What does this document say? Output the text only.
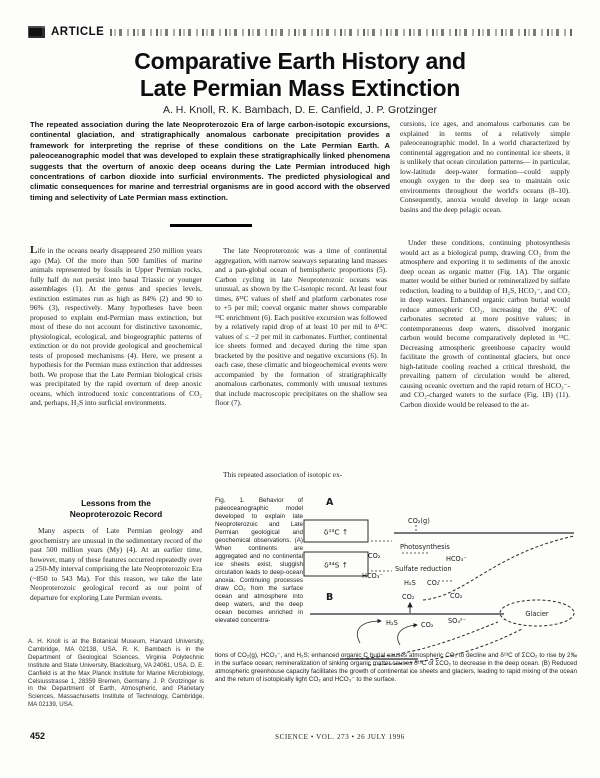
ARTICLE
Comparative Earth History and
Late Permian Mass Extinction
A. H. Knoll, R. K. Bambach, D. E. Canfield, J. P. Grotzinger
The repeated association during the late Neoproterozoic Era of large carbon-isotopic excursions, continental glaciation, and stratigraphically anomalous carbonate precipitation provides a framework for interpreting the reprise of these conditions on the Late Permian Earth. A paleoceanographic model that was developed to explain these stratigraphically linked phenomena suggests that the overturn of anoxic deep oceans during the Late Permian introduced high concentrations of carbon dioxide into surficial environments. The predicted physiological and climatic consequences for marine and terrestrial organisms are in good accord with the observed timing and selectivity of Late Permian mass extinction.
Life in the oceans nearly disappeared 250 million years ago (Ma). Of the more than 500 families of marine animals represented by fossils in Upper Permian rocks, fully half do not persist into basal Triassic or younger assemblages (1). At the genus and species levels, extinction estimates run as high as 84% (2) and 90 to 96% (3), respectively. Many hypotheses have been proposed to explain end-Permian mass extinction, but most of these do not account for distinctive taxonomic, physiological, ecological, and biogeographic patterns of extinction or do not provide geological and geochemical tests of proposed mechanisms (4). Here, we present a hypothesis for the Permian mass extinction that addresses both. We propose that the Late Permian biological crisis was precipitated by the rapid overturn of deep anoxic oceans, which introduced toxic concentrations of CO₂ and, perhaps, H₂S into surficial environments.
Lessons from the
Neoproterozoic Record
Many aspects of Late Permian geology and geochemistry are unusual in the sedimentary record of the past 500 million years (My) (4). At an earlier time, however, many of these features occurred repeatedly over a 250-My interval comprising the late Neoproterozoic Era (~850 to 543 Ma). For this reason, we take the late Neoproterozoic geological record as our point of departure for exploring Late Permian events.
A. H. Knoll is at the Botanical Museum, Harvard University, Cambridge, MA 02138, USA. R. K. Bambach is in the Department of Geological Sciences, Virginia Polytechnic Institute and State University, Blacksburg, VA 24061, USA. D. E. Canfield is at the Max Planck Institute for Marine Microbiology, Celsiusstrasse 1, 28359 Bremen, Germany. J. P. Grotzinger is in the Department of Earth, Atmospheric, and Planetary Sciences, Massachusetts Institute of Technology, Cambridge, MA 02139, USA.
The late Neoproterozoic was a time of continental aggregation, with narrow seaways separating land masses and a pan-global ocean of hemispheric proportions (5). Carbon cycling in late Neoproterozoic oceans was unusual, as shown by the C-isotopic record. At least four times, δ¹³C values of shelf and platform carbonates rose to +5 per mil; coeval organic matter shows comparable ¹³C enrichment (6). Each positive excursion was followed by a relatively rapid drop of at least 10 per mil to δ¹³C values of ≤ −2 per mil in carbonates. Further, continental ice sheets formed and decayed during the time span bracketed by the positive and negative excursions (6). In each case, these climatic and biogeochemical events were accompanied by the formation of stratigraphically anomalous carbonates, commonly with unusual textures that include macroscopic precipitates on the shallow sea floor (7).
This repeated association of isotopic ex-
cursions, ice ages, and anomalous carbonates can be explained in terms of a relatively simple paleoceanographic model. In a world characterized by continental aggregation and no continental ice sheets, it is unlikely that ocean circulation patterns— in particular, low-latitude deep-water formation—could supply enough oxygen to the deep sea to maintain oxic environments throughout the world's oceans (8–10). Consequently, anoxia would develop in large ocean basins and the deep pelagic ocean.
Under these conditions, continuing photosynthesis would act as a biological pump, drawing CO₂ from the atmosphere and exporting it to sediments of the anoxic deep ocean as organic matter (Fig. 1A). The organic matter would be either buried or remineralized by sulfate reduction, leading to a buildup of H₂S, HCO₃⁻, and CO₂ in deep waters. Enhanced organic carbon burial would reduce atmospheric CO₂, increasing the δ¹³C of carbonates secreted at more positive values; in contemporaneous deep waters, dissolved inorganic carbon would become comparatively depleted in ¹³C. Decreasing atmospheric greenhouse capacity would facilitate the growth of continental glaciers, but once high-latitude cooling reached a critical threshold, the prevailing pattern of circulation would be altered, causing oceanic overturn and the rapid return of HCO₃⁻- and CO₂-charged waters to the surface (Fig. 1B) (11). Carbon dioxide would be released to the at-
Fig. 1. Behavior of paleoceanographic model developed to explain late Neoproterozoic and Late Permian geological and geochemical observations. (A) When continents are aggregated and no continental ice sheets exist, sluggish circulation leads to deep-ocean anoxia. Continuing processes draw CO₂ from the surface ocean and atmosphere into deep waters, and the deep ocean becomes enriched in elevated concentra-
tions of CO₂(g), HCO₃⁻, and H₂S; enhanced organic C burial causes atmospheric CO₂ to decline and δ¹³C of ΣCO₂ to rise by 2‰ in the surface ocean; remineralization of sinking organic matter causes δ¹³C of ΣCO₂ to decrease in the deep ocean. (B) Reduced atmospheric greenhouse capacity facilitates the growth of continental ice sheets and glaciers, leading to rapid mixing of the ocean and the return of isotopically light CO₂ and HCO₃⁻ to the surface.
A
δ¹³C ↑
δ³⁴S ↑
CO₂(g)
CO₂
HCO₃⁻
Photosynthesis
Sulfate reduction
HCO₃⁻
H₂S CO₂
B	CO₂	CO₂
H₂S	CO₂ SO₄²⁻
Glacier
452	SCIENCE • VOL. 273 • 26 JULY 1996
